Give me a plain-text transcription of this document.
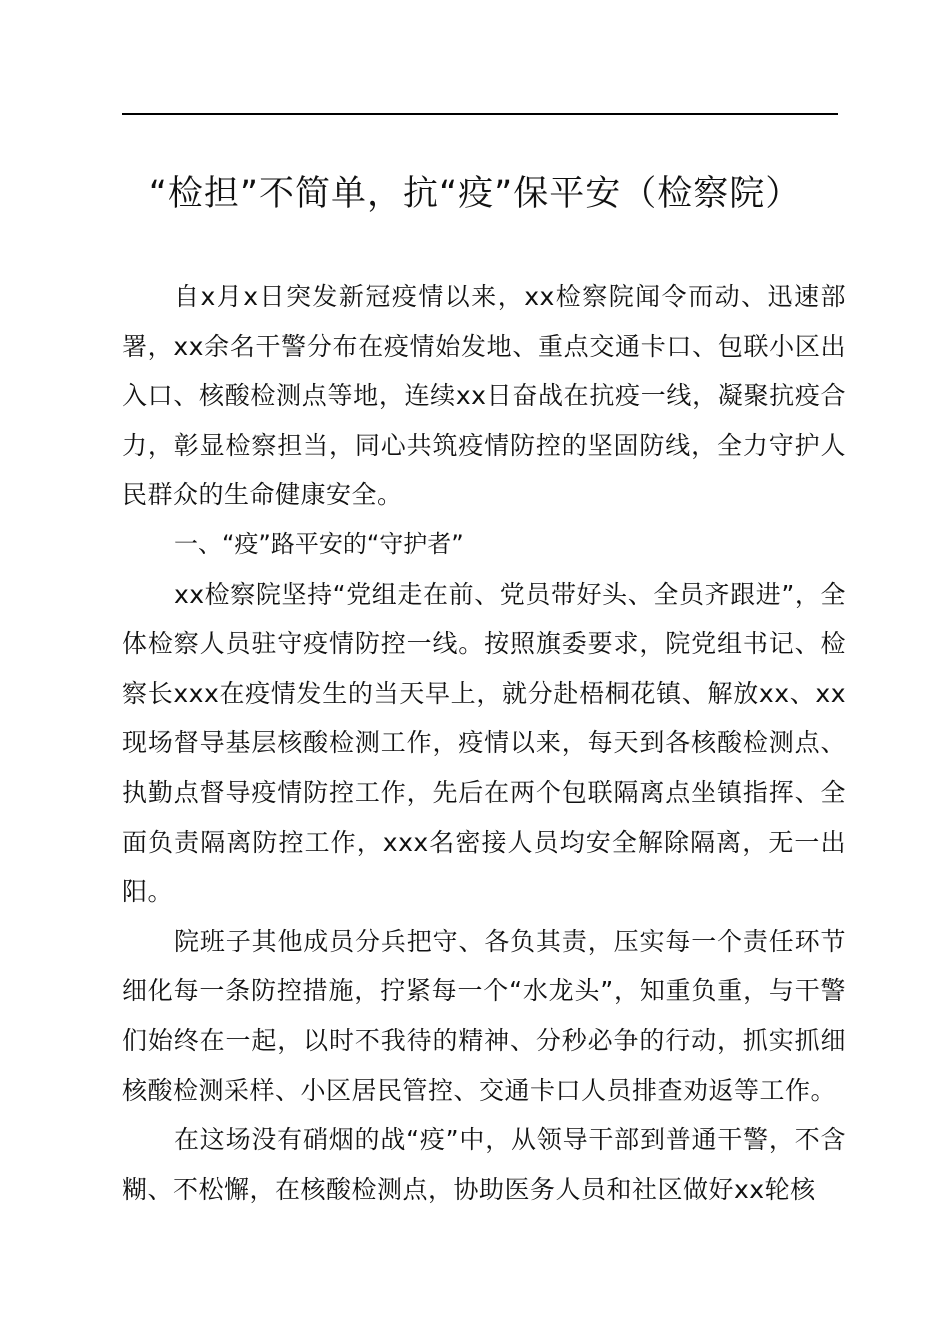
“检担”不简单，抗“疫”保平安（检察院）

自x月x日突发新冠疫情以来，xx检察院闻令而动、迅速部署，xx余名干警分布在疫情始发地、重点交通卡口、包联小区出入口、核酸检测点等地，连续xx日奋战在抗疫一线，凝聚抗疫合力，彰显检察担当，同心共筑疫情防控的坚固防线，全力守护人民群众的生命健康安全。

一、“疫”路平安的“守护者”

xx检察院坚持“党组走在前、党员带好头、全员齐跟进”，全体检察人员驻守疫情防控一线。按照旗委要求，院党组书记、检察长xxx在疫情发生的当天早上，就分赴梧桐花镇、解放xx、xx现场督导基层核酸检测工作，疫情以来，每天到各核酸检测点、执勤点督导疫情防控工作，先后在两个包联隔离点坐镇指挥、全面负责隔离防控工作，xxx名密接人员均安全解除隔离，无一出阳。

院班子其他成员分兵把守、各负其责，压实每一个责任环节细化每一条防控措施，拧紧每一个“水龙头”，知重负重，与干警们始终在一起，以时不我待的精神、分秒必争的行动，抓实抓细核酸检测采样、小区居民管控、交通卡口人员排查劝返等工作。

在这场没有硝烟的战“疫”中，从领导干部到普通干警，不含糊、不松懈，在核酸检测点，协助医务人员和社区做好xx轮核
